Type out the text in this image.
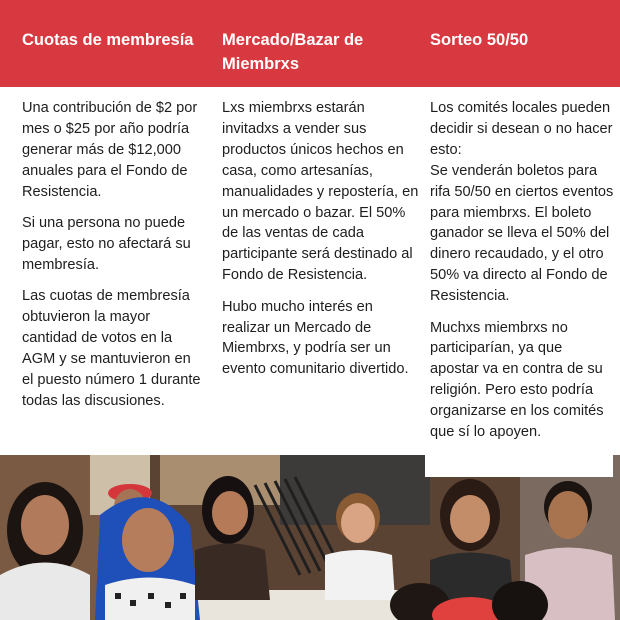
Cuotas de membresía	Mercado/Bazar de Miembrxs
Sorteo 50/50

Una contribución de $2 por mes o $25 por año podría generar más de $12,000 anuales para el Fondo de Resistencia.

Si una persona no puede pagar, esto no afectará su membresía.

Las cuotas de membresía obtuvieron la mayor cantidad de votos en la AGM y se mantuvieron en el puesto número 1 durante todas las discusiones.

Lxs miembrxs estarán invitadxs a vender sus productos únicos hechos en casa, como artesanías, manualidades y repostería, en un mercado o bazar. El 50% de las ventas de cada participante será destinado al Fondo de Resistencia.

Hubo mucho interés en realizar un Mercado de Miembrxs, y podría ser un evento comunitario divertido.

Los comités locales pueden decidir si desean o no hacer esto:
Se venderán boletos para rifa 50/50 en ciertos eventos para miembrxs. El boleto ganador se lleva el 50% del dinero recaudado, y el otro 50% va directo al Fondo de Resistencia.

Muchxs miembrxs no participarían, ya que apostar va en contra de su religión. Pero esto podría organizarse en los comités que sí lo apoyen.
